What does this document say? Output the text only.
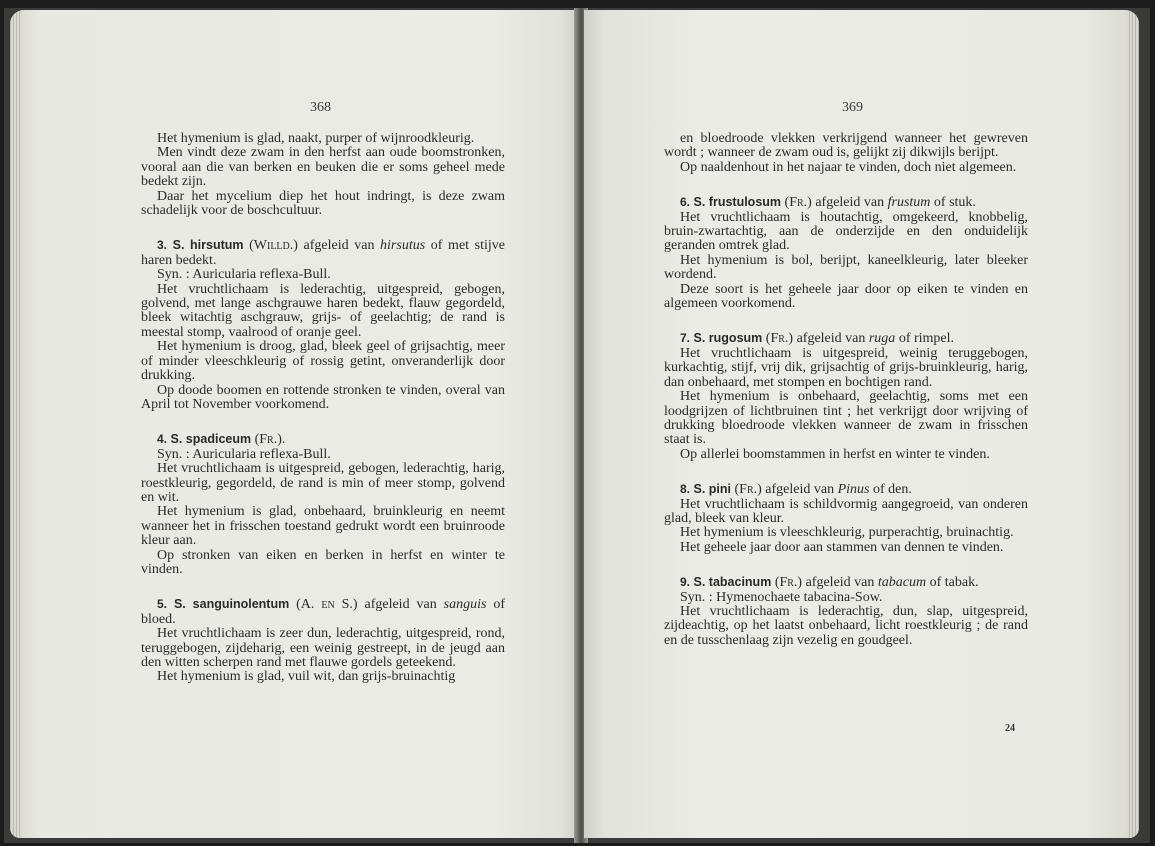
368

Het hymenium is glad, naakt, purper of wijnroodkleurig.

Men vindt deze zwam in den herfst aan oude boomstronken, vooral aan die van berken en beuken die er soms geheel mede bedekt zijn.

Daar het mycelium diep het hout indringt, is deze zwam schadelijk voor de boschcultuur.

3. S. hirsutum (Willd.) afgeleid van hirsutus of met stijve haren bedekt.

Syn. : Auricularia reflexa-Bull.

Het vruchtlichaam is lederachtig, uitgespreid, gebogen, golvend, met lange aschgrauwe haren bedekt, flauw gegordeld, bleek witachtig aschgrauw, grijs- of geelachtig; de rand is meestal stomp, vaalrood of oranje geel.

Het hymenium is droog, glad, bleek geel of grijsachtig, meer of minder vleeschkleurig of rossig getint, onveranderlijk door drukking.

Op doode boomen en rottende stronken te vinden, overal van April tot November voorkomend.

4. S. spadiceum (Fr.).

Syn. : Auricularia reflexa-Bull.

Het vruchtlichaam is uitgespreid, gebogen, lederachtig, harig, roestkleurig, gegordeld, de rand is min of meer stomp, golvend en wit.

Het hymenium is glad, onbehaard, bruinkleurig en neemt wanneer het in frisschen toestand gedrukt wordt een bruinroode kleur aan.

Op stronken van eiken en berken in herfst en winter te vinden.

5. S. sanguinolentum (A. en S.) afgeleid van sanguis of bloed.

Het vruchtlichaam is zeer dun, lederachtig, uitgespreid, rond, teruggebogen, zijdeharig, een weinig gestreept, in de jeugd aan den witten scherpen rand met flauwe gordels geteekend.

Het hymenium is glad, vuil wit, dan grijs-bruinachtig

369

en bloedroode vlekken verkrijgend wanneer het gewreven wordt ; wanneer de zwam oud is, gelijkt zij dikwijls berijpt.

Op naaldenhout in het najaar te vinden, doch niet algemeen.

6. S. frustulosum (Fr.) afgeleid van frustum of stuk.

Het vruchtlichaam is houtachtig, omgekeerd, knobbelig, bruin-zwartachtig, aan de onderzijde en den onduidelijk geranden omtrek glad.

Het hymenium is bol, berijpt, kaneelkleurig, later bleeker wordend.

Deze soort is het geheele jaar door op eiken te vinden en algemeen voorkomend.

7. S. rugosum (Fr.) afgeleid van ruga of rimpel.

Het vruchtlichaam is uitgespreid, weinig teruggebogen, kurkachtig, stijf, vrij dik, grijsachtig of grijs-bruinkleurig, harig, dan onbehaard, met stompen en bochtigen rand.

Het hymenium is onbehaard, geelachtig, soms met een loodgrijzen of lichtbruinen tint ; het verkrijgt door wrijving of drukking bloedroode vlekken wanneer de zwam in frisschen staat is.

Op allerlei boomstammen in herfst en winter te vinden.

8. S. pini (Fr.) afgeleid van Pinus of den.

Het vruchtlichaam is schildvormig aangegroeid, van onderen glad, bleek van kleur.

Het hymenium is vleeschkleurig, purperachtig, bruinachtig.

Het geheele jaar door aan stammen van dennen te vinden.

9. S. tabacinum (Fr.) afgeleid van tabacum of tabak.

Syn. : Hymenochaete tabacina-Sow.

Het vruchtlichaam is lederachtig, dun, slap, uitgespreid, zijdeachtig, op het laatst onbehaard, licht roestkleurig ; de rand en de tusschenlaag zijn vezelig en goudgeel.

24
